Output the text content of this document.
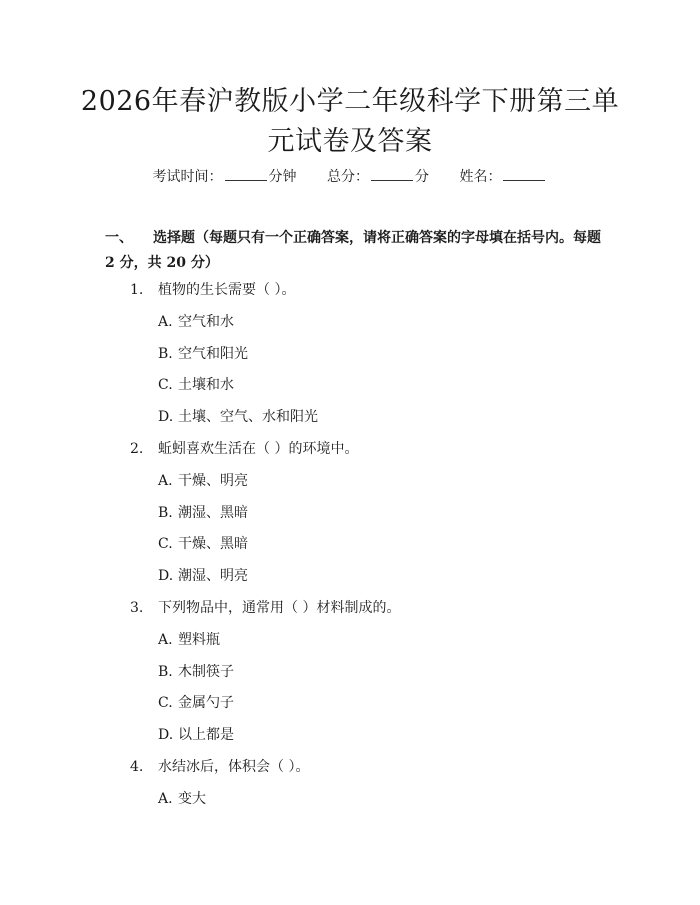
2026年春沪教版小学二年级科学下册第三单元试卷及答案
考试时间：	分钟 总分：	分 姓名：
一、 选择题（每题只有一个正确答案，请将正确答案的字母填在括号内。每题 2 分，共 20 分）
1. 植物的生长需要（ ）。
A. 空气和水
B. 空气和阳光
C. 土壤和水
D. 土壤、空气、水和阳光
2. 蚯蚓喜欢生活在（ ）的环境中。
A. 干燥、明亮
B. 潮湿、黑暗
C. 干燥、黑暗
D. 潮湿、明亮
3. 下列物品中，通常用（ ）材料制成的。
A. 塑料瓶
B. 木制筷子
C. 金属勺子
D. 以上都是
4. 水结冰后，体积会（ ）。
A. 变大
